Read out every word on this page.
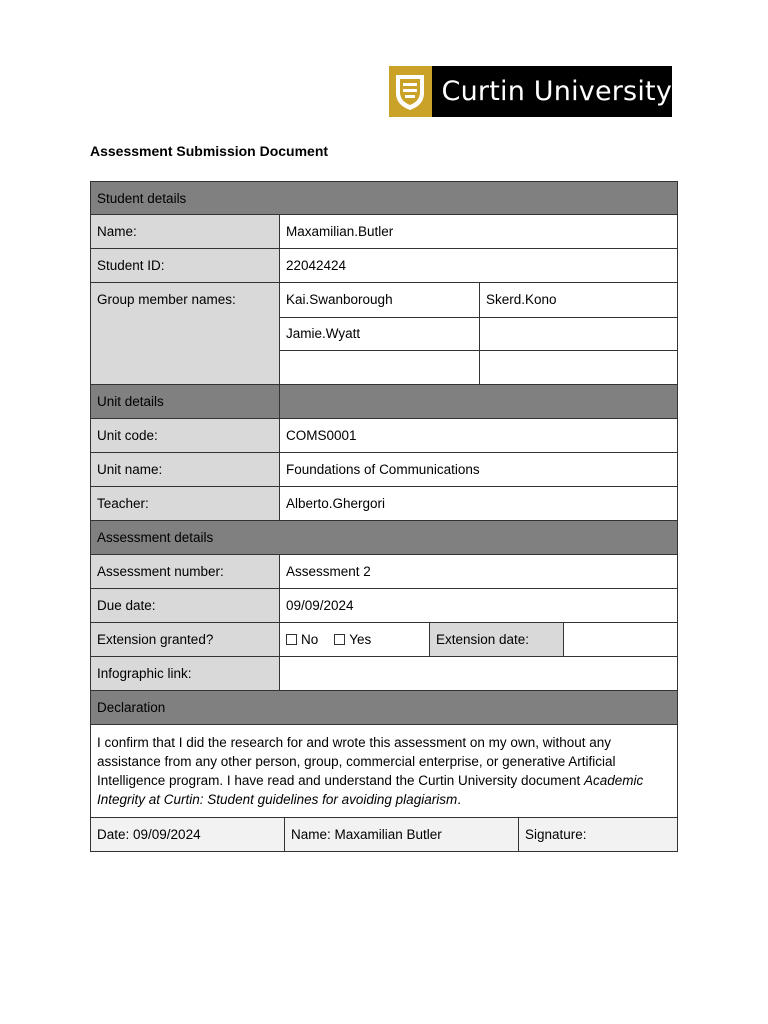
Curtin University
Assessment Submission Document
Student details
Name:	Maxamilian.Butler
Student ID:	22042424
Group member names:	Kai.Swanborough	Skerd.Kono
Jamie.Wyatt
Unit details
Unit code:	COMS0001
Unit name:	Foundations of Communications
Teacher:	Alberto.Ghergori
Assessment details
Assessment number:	Assessment 2
Due date:	09/09/2024
Extension granted?	No Yes	Extension date:
Infographic link:
Declaration
I confirm that I did the research for and wrote this assessment on my own, without any assistance from any other person, group, commercial enterprise, or generative Artificial Intelligence program. I have read and understand the Curtin University document Academic Integrity at Curtin: Student guidelines for avoiding plagiarism.
Date: 09/09/2024	Name: Maxamilian Butler	Signature:
